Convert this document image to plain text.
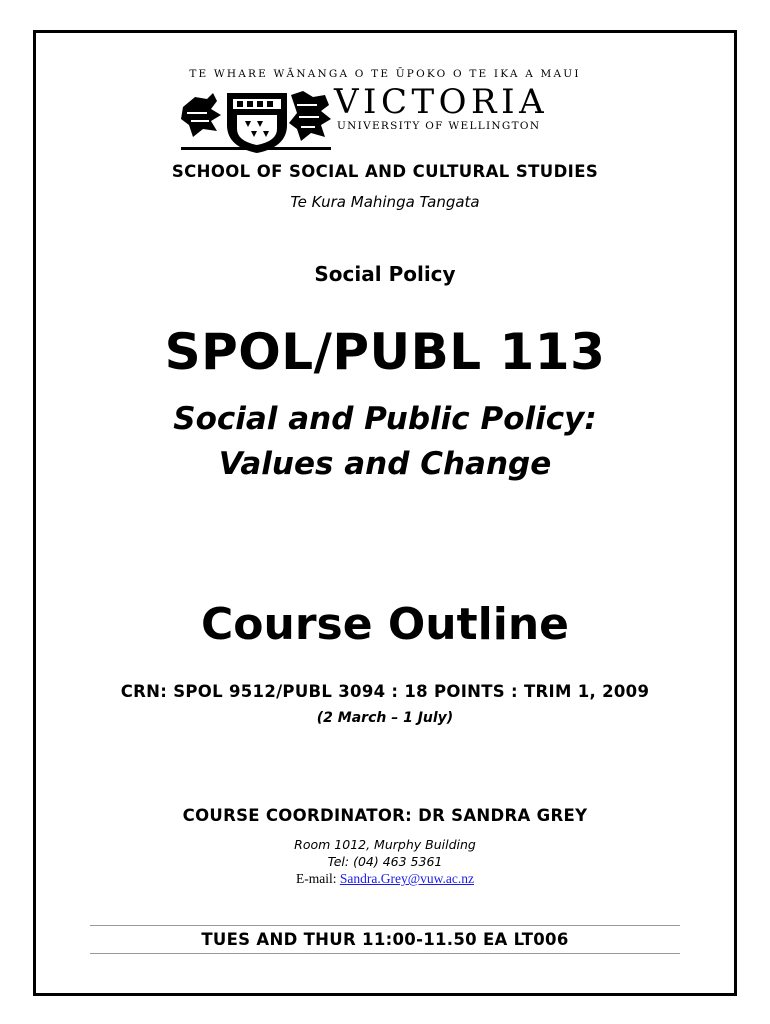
TE WHARE WĀNANGA O TE ŪPOKO O TE IKA A MAUI
VICTORIA
UNIVERSITY OF WELLINGTON
SCHOOL OF SOCIAL AND CULTURAL STUDIES
Te Kura Mahinga Tangata
Social Policy
SPOL/PUBL 113
Social and Public Policy:
Values and Change
Course Outline
CRN: SPOL 9512/PUBL 3094 : 18 POINTS : TRIM 1, 2009
(2 March – 1 July)
COURSE COORDINATOR: DR SANDRA GREY
Room 1012, Murphy Building
Tel: (04) 463 5361
E-mail: Sandra.Grey@vuw.ac.nz
TUES AND THUR 11:00-11.50 EA LT006
